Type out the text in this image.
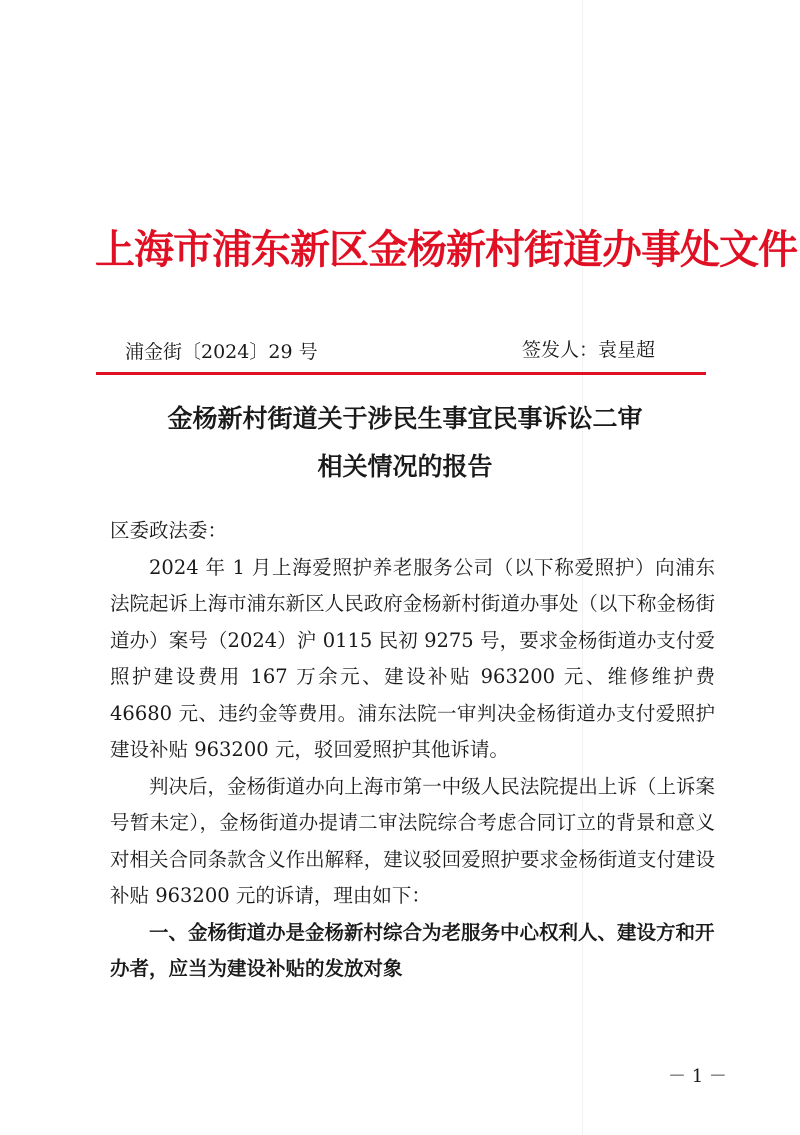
上海市浦东新区金杨新村街道办事处文件
浦金街〔2024〕29 号	签发人：袁星超
金杨新村街道关于涉民生事宜民事诉讼二审
相关情况的报告

区委政法委：

2024 年 1 月上海爱照护养老服务公司（以下称爱照护）向浦东法院起诉上海市浦东新区人民政府金杨新村街道办事处（以下称金杨街道办）案号（2024）沪 0115 民初 9275 号，要求金杨街道办支付爱照护建设费用 167 万余元、建设补贴 963200 元、维修维护费 46680 元、违约金等费用。浦东法院一审判决金杨街道办支付爱照护建设补贴 963200 元，驳回爱照护其他诉请。

判决后，金杨街道办向上海市第一中级人民法院提出上诉（上诉案号暂未定），金杨街道办提请二审法院综合考虑合同订立的背景和意义对相关合同条款含义作出解释，建议驳回爱照护要求金杨街道支付建设补贴 963200 元的诉请，理由如下：

一、金杨街道办是金杨新村综合为老服务中心权利人、建设方和开办者，应当为建设补贴的发放对象

－ 1 －
